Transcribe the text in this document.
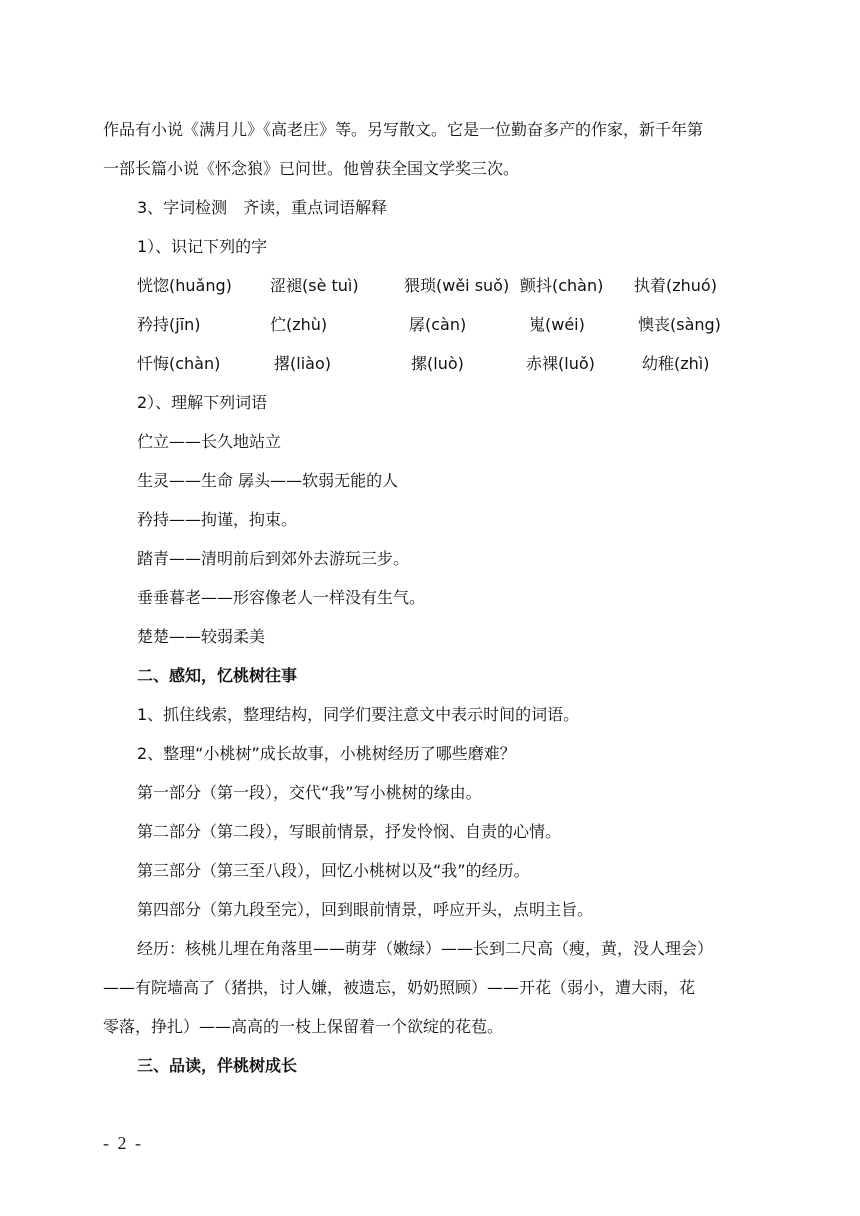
作品有小说《满月儿》《高老庄》等。另写散文。它是一位勤奋多产的作家，新千年第
一部长篇小说《怀念狼》已问世。他曾获全国文学奖三次。
3、字词检测　齐读，重点词语解释
1）、识记下列的字
恍惚(huǎng) 涩褪(sè tuì)	猥琐(wěi suǒ) 颤抖(chàn) 执着(zhuó)
矜持(jīn)	伫(zhù)	孱(càn)	嵬(wéi)	懊丧(sàng)
忏悔(chàn)	撂(liào)	摞(luò)	赤裸(luǒ)	幼稚(zhì)
2）、理解下列词语
伫立——长久地站立
生灵——生命 孱头——软弱无能的人
矜持——拘谨，拘束。
踏青——清明前后到郊外去游玩三步。
垂垂暮老——形容像老人一样没有生气。
楚楚——较弱柔美
二、感知，忆桃树往事
1、抓住线索，整理结构，同学们要注意文中表示时间的词语。
2、整理“小桃树”成长故事，小桃树经历了哪些磨难？
第一部分（第一段），交代“我”写小桃树的缘由。
第二部分（第二段），写眼前情景，抒发怜悯、自责的心情。
第三部分（第三至八段），回忆小桃树以及“我”的经历。
第四部分（第九段至完），回到眼前情景，呼应开头，点明主旨。
经历：核桃儿埋在角落里——萌芽（嫩绿）——长到二尺高（瘦，黄，没人理会）
——有院墙高了（猪拱，讨人嫌，被遗忘，奶奶照顾）——开花（弱小，遭大雨，花
零落，挣扎）——高高的一枝上保留着一个欲绽的花苞。
三、品读，伴桃树成长
- 2 -
